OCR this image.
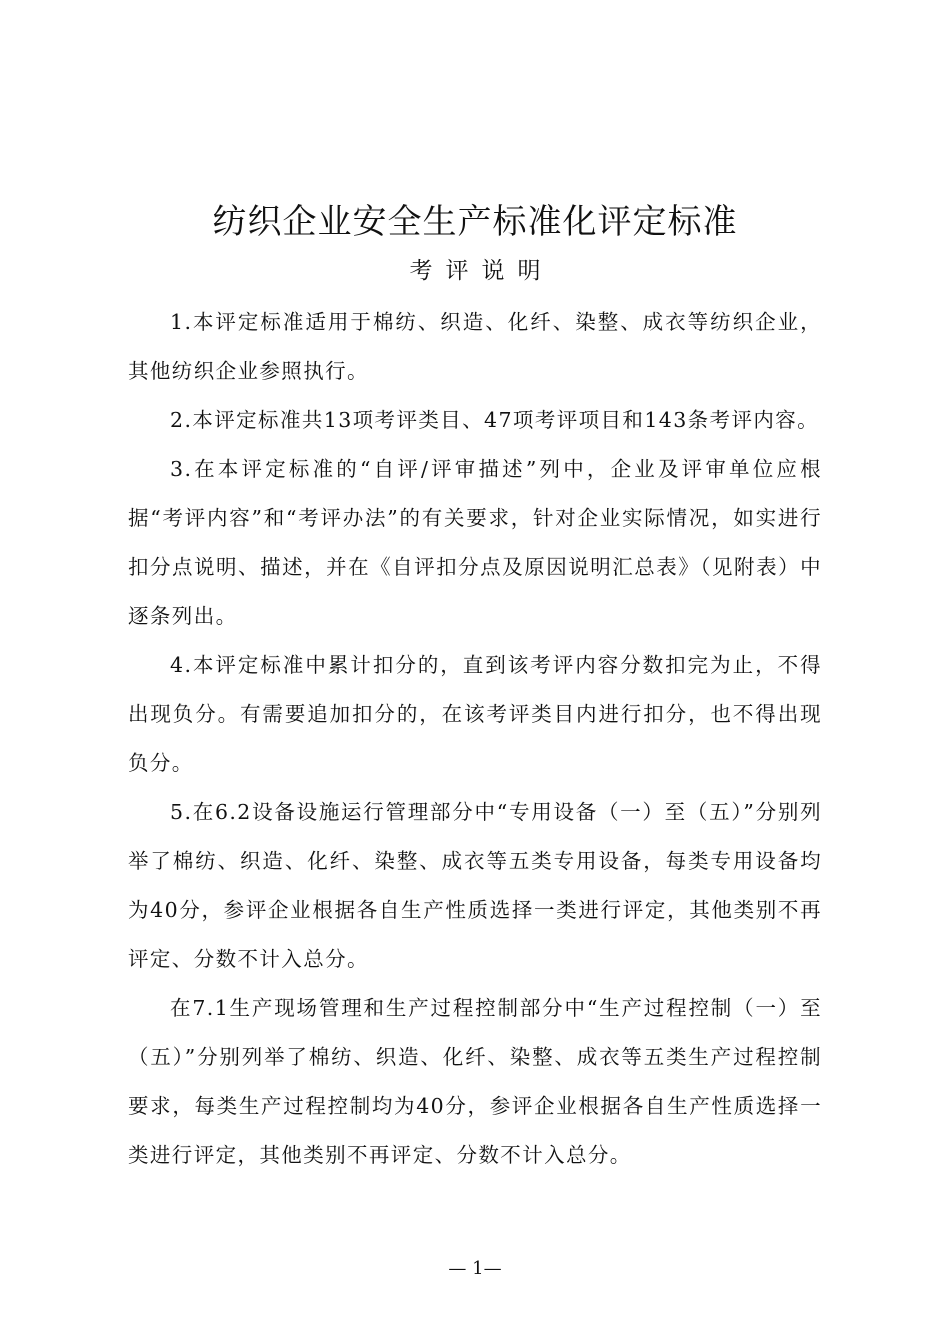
纺织企业安全生产标准化评定标准
考评说明

1.本评定标准适用于棉纺、织造、化纤、染整、成衣等纺织企业，其他纺织企业参照执行。

2.本评定标准共13项考评类目、47项考评项目和143条考评内容。

3.在本评定标准的“自评/评审描述”列中，企业及评审单位应根据“考评内容”和“考评办法”的有关要求，针对企业实际情况，如实进行扣分点说明、描述，并在《自评扣分点及原因说明汇总表》（见附表）中逐条列出。

4.本评定标准中累计扣分的，直到该考评内容分数扣完为止，不得出现负分。有需要追加扣分的，在该考评类目内进行扣分，也不得出现负分。

5.在6.2设备设施运行管理部分中“专用设备（一）至（五）”分别列举了棉纺、织造、化纤、染整、成衣等五类专用设备，每类专用设备均为40分，参评企业根据各自生产性质选择一类进行评定，其他类别不再评定、分数不计入总分。

在7.1生产现场管理和生产过程控制部分中“生产过程控制（一）至（五）”分别列举了棉纺、织造、化纤、染整、成衣等五类生产过程控制要求，每类生产过程控制均为40分，参评企业根据各自生产性质选择一类进行评定，其他类别不再评定、分数不计入总分。

— 1—
